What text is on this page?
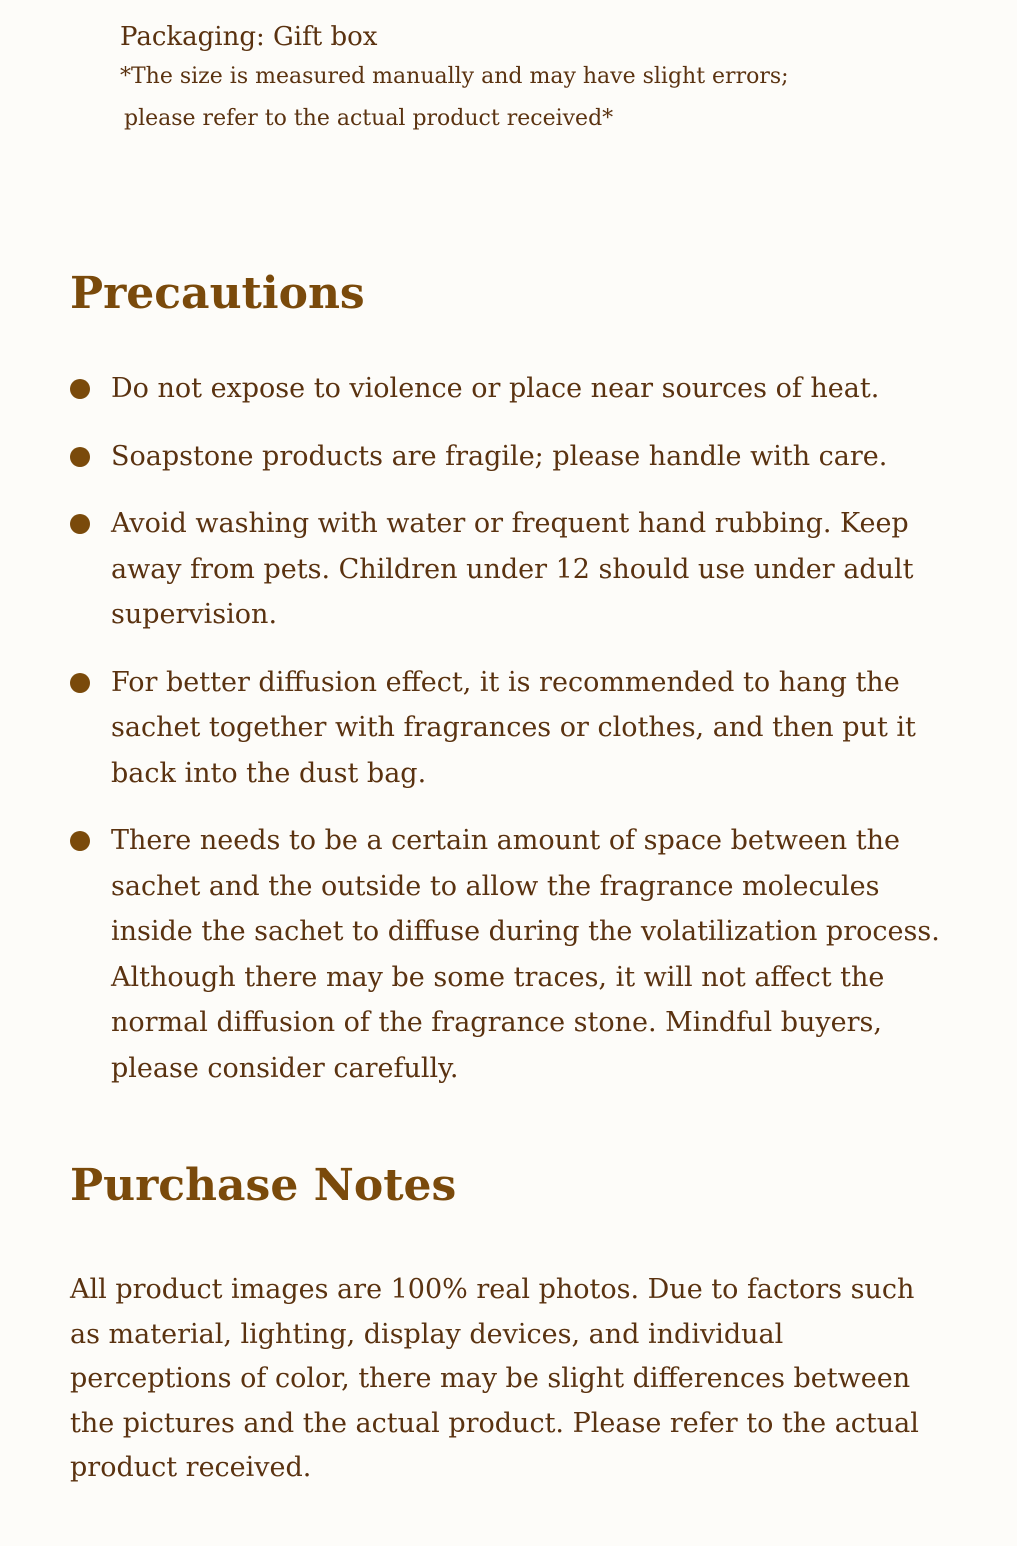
Packaging: Gift box

*The size is measured manually and may have slight errors;

please refer to the actual product received*

Precautions
Do not expose to violence or place near sources of heat.
Soapstone products are fragile; please handle with care.
Avoid washing with water or frequent hand rubbing. Keep away from pets. Children under 12 should use under adult supervision.
For better diffusion effect, it is recommended to hang the sachet together with fragrances or clothes, and then put it back into the dust bag.
There needs to be a certain amount of space between the sachet and the outside to allow the fragrance molecules inside the sachet to diffuse during the volatilization process. Although there may be some traces, it will not affect the normal diffusion of the fragrance stone. Mindful buyers, please consider carefully.
Purchase Notes

All product images are 100% real photos. Due to factors such as material, lighting, display devices, and individual perceptions of color, there may be slight differences between the pictures and the actual product. Please refer to the actual product received.
